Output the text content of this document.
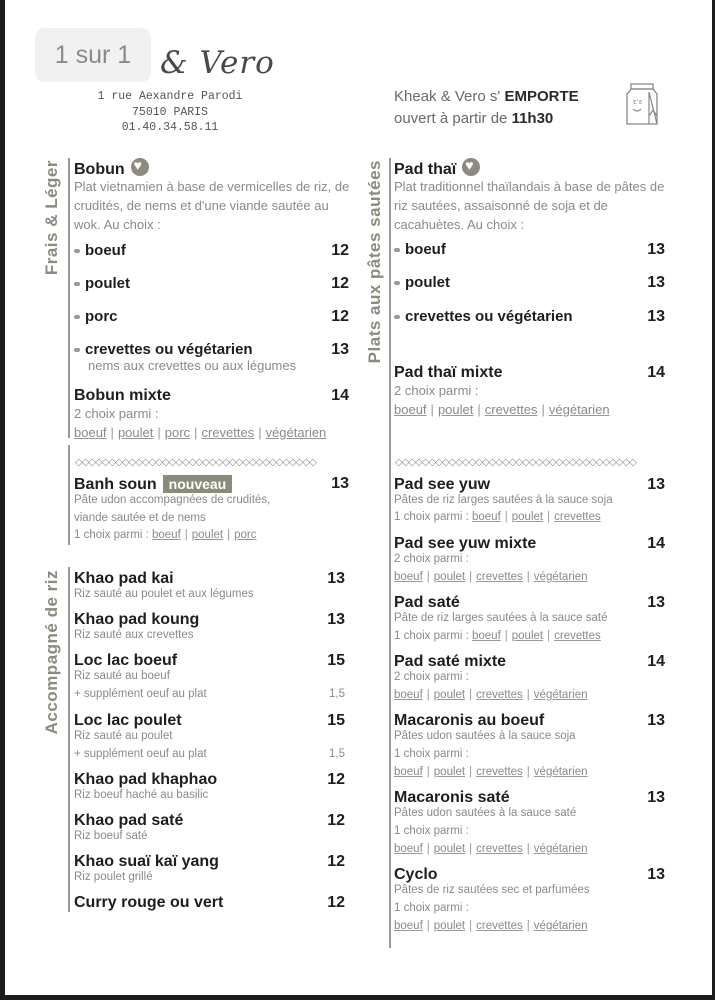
1 sur 1 & Vero
1 rue Aexandre Parodi
75010 PARIS
01.40.34.58.11
Kheak & Vero s' EMPORTE
ouvert à partir de 11h30
ɛ'ɛ
Frais & Léger Bobun♥
Plat vietnamien à base de vermicelles de riz, de crudités, de nems et d'une viande sautée au wok. Au choix :
boeuf	12
poulet	12
porc	12
crevettes ou végétarien	13
nems aux crevettes ou aux légumes
Bobun mixte	14
2 choix parmi :
boeuf | poulet | porc | crevettes | végétarien
◇◇◇◇◇◇◇◇◇◇◇◇◇◇◇◇◇◇◇◇◇◇◇◇◇◇◇◇◇◇◇◇◇◇◇◇
Banh soun nouveau	13
Pâte udon accompagnées de crudités,
viande sautée et de nems
1 choix parmi : boeuf | poulet | porc
Accompagné de riz Khao pad kai	13
Riz sauté au poulet et aux légumes
Khao pad koung	13
Riz sauté aux crevettes
Loc lac boeuf	15
Riz sauté au boeuf
+ supplément oeuf au plat	1,5
Loc lac poulet	15
Riz sauté au poulet
+ supplément oeuf au plat	1,5
Khao pad khaphao	12
Riz boeuf haché au basilic
Khao pad saté	12
Riz boeuf saté
Khao suaï kaï yang	12
Riz poulet grillé
Curry rouge ou vert	12
Plats aux pâtes sautées Pad thaï♥
Plat traditionnel thaïlandais à base de pâtes de riz sautées, assaisonné de soja et de cacahuètes. Au choix :
boeuf	13
poulet	13
crevettes ou végétarien	13
Pad thaï mixte	14
2 choix parmi :
boeuf | poulet | crevettes | végétarien
◇◇◇◇◇◇◇◇◇◇◇◇◇◇◇◇◇◇◇◇◇◇◇◇◇◇◇◇◇◇◇◇◇◇◇◇
Pad see yuw	13
Pâtes de riz larges sautées à la sauce soja
1 choix parmi : boeuf | poulet | crevettes
Pad see yuw mixte	14
2 choix parmi :
boeuf | poulet | crevettes | végétarien
Pad saté	13
Pâte de riz larges sautées à la sauce saté
1 choix parmi : boeuf | poulet | crevettes
Pad saté mixte	14
2 choix parmi :
boeuf | poulet | crevettes | végétarien
Macaronis au boeuf	13
Pâtes udon sautées à la sauce soja
1 choix parmi :
boeuf | poulet | crevettes | végétarien
Macaronis saté	13
Pâtes udon sautées à la sauce saté
1 choix parmi :
boeuf | poulet | crevettes | végétarien
Cyclo	13
Pâtes de riz sautées sec et parfumées
1 choix parmi :
boeuf | poulet | crevettes | végétarien
